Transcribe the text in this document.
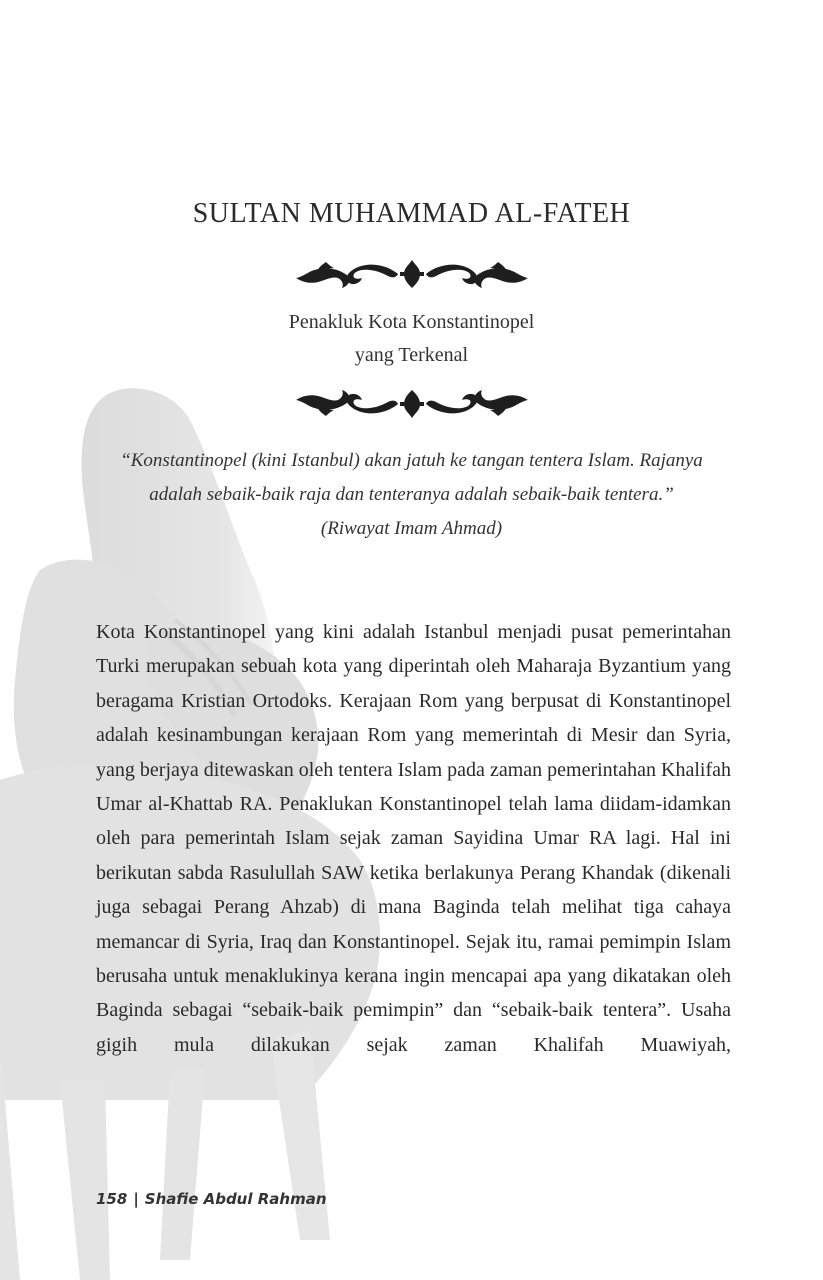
SULTAN MUHAMMAD AL-FATEH
Penakluk Kota Konstantinopel
yang Terkenal
“Konstantinopel (kini Istanbul) akan jatuh ke tangan tentera Islam. Rajanya adalah sebaik-baik raja dan tenteranya adalah sebaik-baik tentera.”
(Riwayat Imam Ahmad)

Kota Konstantinopel yang kini adalah Istanbul menjadi pusat pemerintahan Turki merupakan sebuah kota yang diperintah oleh Maharaja Byzantium yang beragama Kristian Ortodoks. Kerajaan Rom yang berpusat di Konstantinopel adalah kesinambungan kerajaan Rom yang memerintah di Mesir dan Syria, yang berjaya ditewaskan oleh tentera Islam pada zaman pemerintahan Khalifah Umar al-Khattab RA. Penaklukan Konstantinopel telah lama diidam-idamkan oleh para pemerintah Islam sejak zaman Sayidina Umar RA lagi. Hal ini berikutan sabda Rasulullah SAW ketika berlakunya Perang Khandak (dikenali juga sebagai Perang Ahzab) di mana Baginda telah melihat tiga cahaya memancar di Syria, Iraq dan Konstantinopel. Sejak itu, ramai pemimpin Islam berusaha untuk menaklukinya kerana ingin mencapai apa yang dikatakan oleh Baginda sebagai “sebaik-baik pemimpin” dan “sebaik-baik tentera”. Usaha gigih mula dilakukan sejak zaman Khalifah Muawiyah,

158 | Shafie Abdul Rahman
